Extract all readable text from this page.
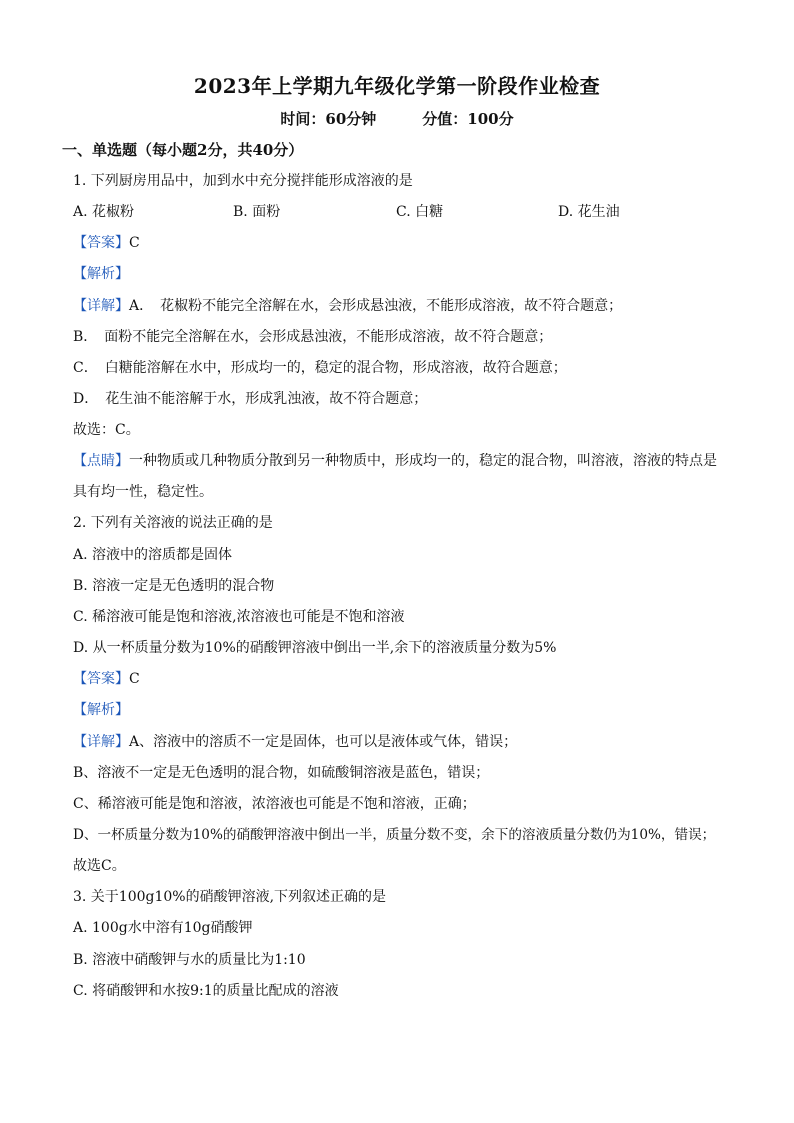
2023年上学期九年级化学第一阶段作业检查
时间：60分钟	分值：100分
一、单选题（每小题2分，共40分）
1. 下列厨房用品中，加到水中充分搅拌能形成溶液的是
A. 花椒粉	B. 面粉	C. 白糖	D. 花生油
【答案】C
【解析】
【详解】A．　花椒粉不能完全溶解在水，会形成悬浊液，不能形成溶液，故不符合题意；
B．　面粉不能完全溶解在水，会形成悬浊液，不能形成溶液，故不符合题意；
C．　白糖能溶解在水中，形成均一的，稳定的混合物，形成溶液，故符合题意；
D．　花生油不能溶解于水，形成乳浊液，故不符合题意；
故选：C。
【点睛】一种物质或几种物质分散到另一种物质中，形成均一的，稳定的混合物，叫溶液，溶液的特点是
具有均一性，稳定性。
2. 下列有关溶液的说法正确的是
A. 溶液中的溶质都是固体
B. 溶液一定是无色透明的混合物
C. 稀溶液可能是饱和溶液,浓溶液也可能是不饱和溶液
D. 从一杯质量分数为10%的硝酸钾溶液中倒出一半,余下的溶液质量分数为5%
【答案】C
【解析】
【详解】A、溶液中的溶质不一定是固体，也可以是液体或气体，错误；
B、溶液不一定是无色透明的混合物，如硫酸铜溶液是蓝色，错误；
C、稀溶液可能是饱和溶液，浓溶液也可能是不饱和溶液，正确；
D、一杯质量分数为10%的硝酸钾溶液中倒出一半，质量分数不变，余下的溶液质量分数仍为10%，错误；
故选C。
3. 关于100g10%的硝酸钾溶液,下列叙述正确的是
A. 100g水中溶有10g硝酸钾
B. 溶液中硝酸钾与水的质量比为1:10
C. 将硝酸钾和水按9:1的质量比配成的溶液
